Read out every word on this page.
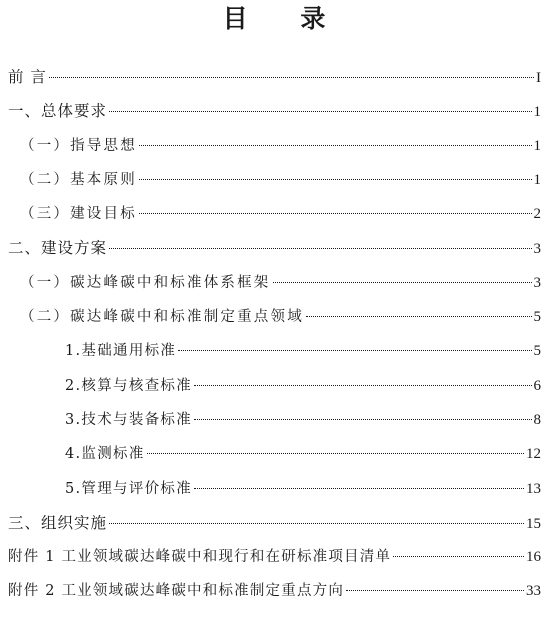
目 录
前 言	I
一、总体要求	1
（一）指导思想	1
（二）基本原则	1
（三）建设目标	2
二、建设方案	3
（一）碳达峰碳中和标准体系框架	3
（二）碳达峰碳中和标准制定重点领域	5
1.基础通用标准	5
2.核算与核查标准	6
3.技术与装备标准	8
4.监测标准	12
5.管理与评价标准	13
三、组织实施	15
附件 1 工业领域碳达峰碳中和现行和在研标准项目清单	16
附件 2 工业领域碳达峰碳中和标准制定重点方向	33
